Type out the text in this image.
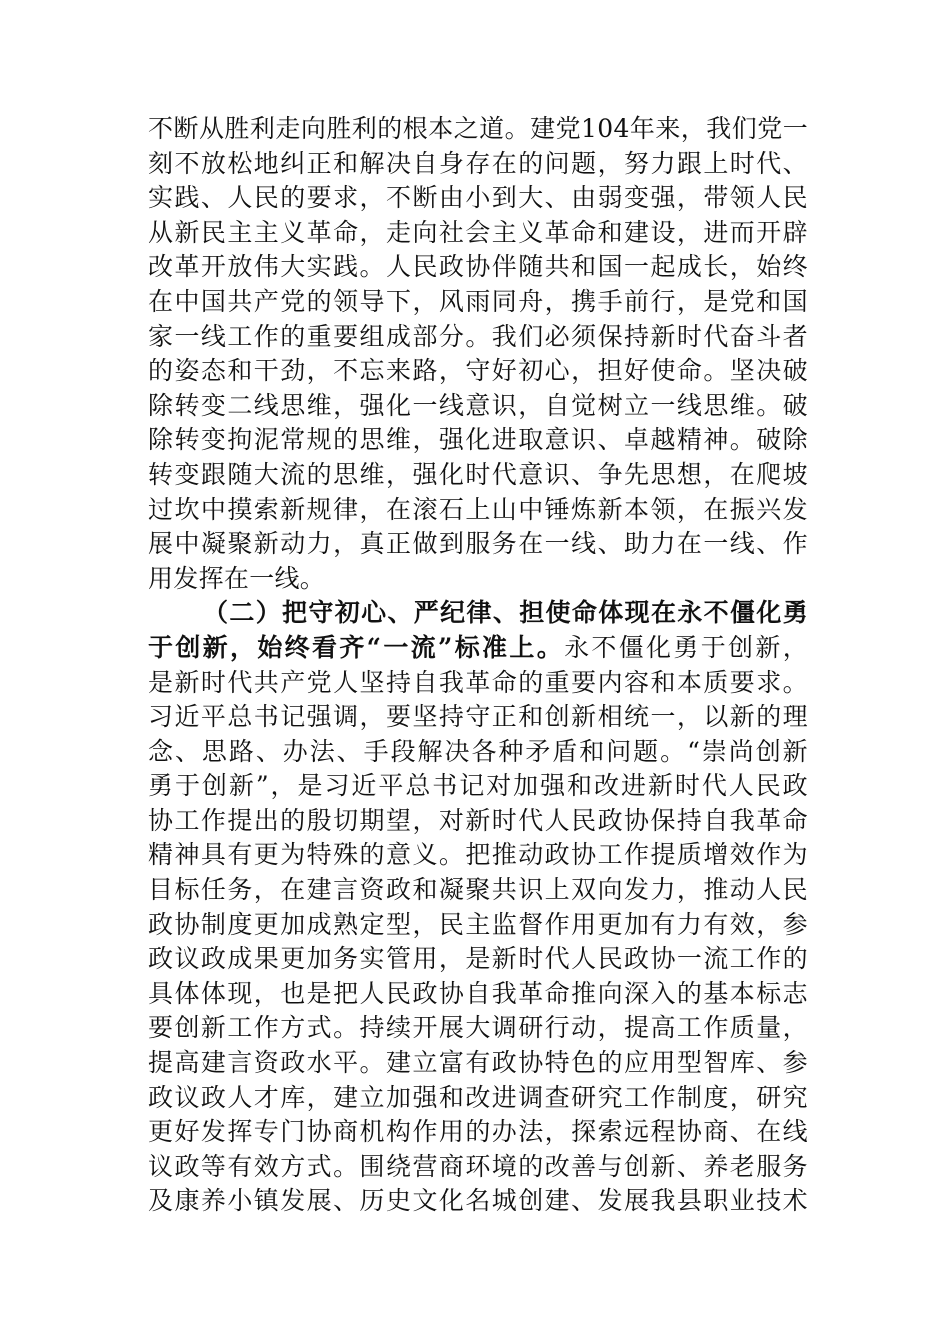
不断从胜利走向胜利的根本之道。建党104年来，我们党一
刻不放松地纠正和解决自身存在的问题，努力跟上时代、
实践、人民的要求，不断由小到大、由弱变强，带领人民
从新民主主义革命，走向社会主义革命和建设，进而开辟
改革开放伟大实践。人民政协伴随共和国一起成长，始终
在中国共产党的领导下，风雨同舟，携手前行，是党和国
家一线工作的重要组成部分。我们必须保持新时代奋斗者
的姿态和干劲，不忘来路，守好初心，担好使命。坚决破
除转变二线思维，强化一线意识，自觉树立一线思维。破
除转变拘泥常规的思维，强化进取意识、卓越精神。破除
转变跟随大流的思维，强化时代意识、争先思想，在爬坡
过坎中摸索新规律，在滚石上山中锤炼新本领，在振兴发
展中凝聚新动力，真正做到服务在一线、助力在一线、作
用发挥在一线。
（二）把守初心、严纪律、担使命体现在永不僵化勇
于创新，始终看齐“一流”标准上。永不僵化勇于创新，
是新时代共产党人坚持自我革命的重要内容和本质要求。
习近平总书记强调，要坚持守正和创新相统一，以新的理
念、思路、办法、手段解决各种矛盾和问题。“崇尚创新
勇于创新”，是习近平总书记对加强和改进新时代人民政
协工作提出的殷切期望，对新时代人民政协保持自我革命
精神具有更为特殊的意义。把推动政协工作提质增效作为
目标任务，在建言资政和凝聚共识上双向发力，推动人民
政协制度更加成熟定型，民主监督作用更加有力有效，参
政议政成果更加务实管用，是新时代人民政协一流工作的
具体体现，也是把人民政协自我革命推向深入的基本标志
要创新工作方式。持续开展大调研行动，提高工作质量，
提高建言资政水平。建立富有政协特色的应用型智库、参
政议政人才库，建立加强和改进调查研究工作制度，研究
更好发挥专门协商机构作用的办法，探索远程协商、在线
议政等有效方式。围绕营商环境的改善与创新、养老服务
及康养小镇发展、历史文化名城创建、发展我县职业技术
